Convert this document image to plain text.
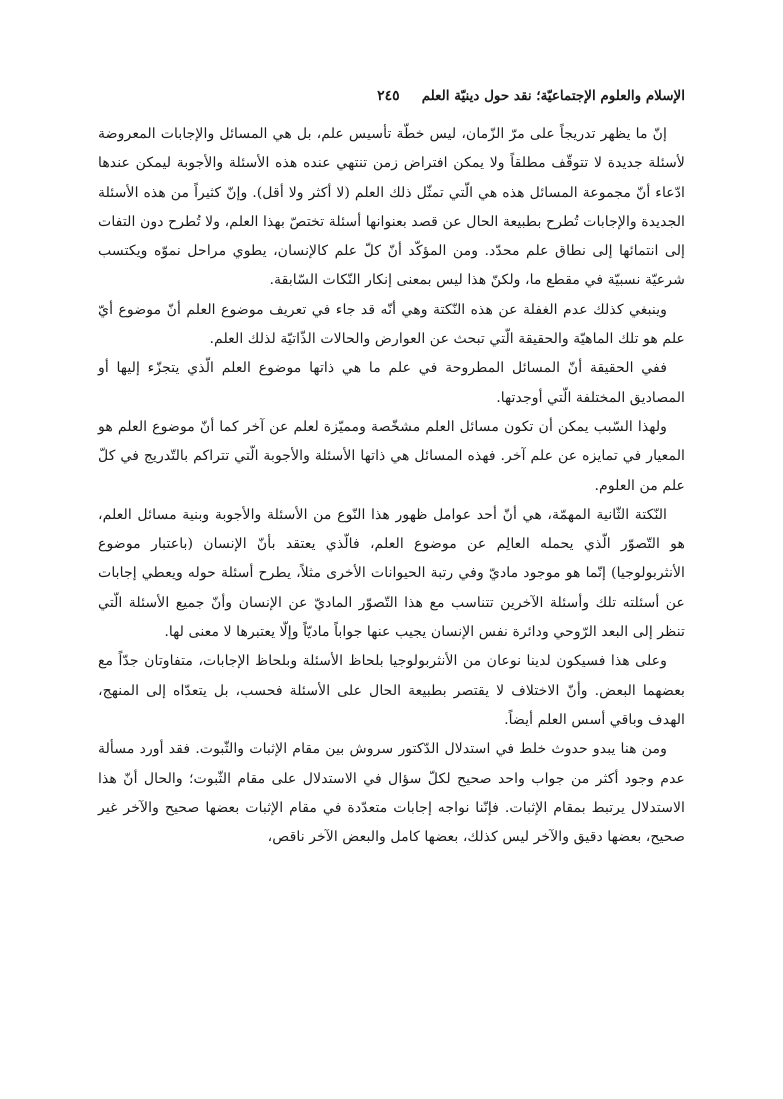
الإسلام والعلوم الإجتماعيّة؛ نقد حول دينيّة العلم
٢٤٥

إنّ ما يظهر تدريجاً على مرّ الزّمان، ليس خطّة تأسيس علم، بل هي المسائل والإجابات المعروضة لأسئلة جديدة لا تتوقّف مطلقاً ولا يمكن افتراض زمن تنتهي عنده هذه الأسئلة والأجوبة ليمكن عندها ادّعاء أنّ مجموعة المسائل هذه هي الّتي تمثّل ذلك العلم (لا أكثر ولا أقل). وإنّ كثيراً من هذه الأسئلة الجديدة والإجابات تُطرح بطبيعة الحال عن قصد بعنوانها أسئلة تختصّ بهذا العلم، ولا تُطرح دون التفات إلى انتمائها إلى نطاق علم محدّد. ومن المؤكّد أنّ كلّ علم كالإنسان، يطوي مراحل نموّه ويكتسب شرعيّة نسبيّة في مقطع ما، ولكنّ هذا ليس بمعنى إنكار النّكات السّابقة.

وينبغي كذلك عدم الغفلة عن هذه النّكتة وهي أنّه قد جاء في تعريف موضوع العلم أنّ موضوع أيّ علم هو تلك الماهيّة والحقيقة الّتي تبحث عن العوارض والحالات الذّاتيّة لذلك العلم.

ففي الحقيقة أنّ المسائل المطروحة في علم ما هي ذاتها موضوع العلم الّذي يتجزّء إليها أو المصاديق المختلفة الّتي أوجدتها.

ولهذا السّبب يمكن أن تكون مسائل العلم مشخّصة ومميّزة لعلم عن آخر كما أنّ موضوع العلم هو المعيار في تمايزه عن علم آخر. فهذه المسائل هي ذاتها الأسئلة والأجوبة الّتي تتراكم بالتّدريج في كلّ علم من العلوم.

النّكتة الثّانية المهمّة، هي أنّ أحد عوامل ظهور هذا النّوع من الأسئلة والأجوبة وبنية مسائل العلم، هو التّصوّر الّذي يحمله العالِم عن موضوع العلم، فالّذي يعتقد بأنّ الإنسان (باعتبار موضوع الأنثربولوجيا) إنّما هو موجود ماديّ وفي رتبة الحيوانات الأخرى مثلاً، يطرح أسئلة حوله ويعطي إجابات عن أسئلته تلك وأسئلة الآخرين تتناسب مع هذا التّصوّر الماديّ عن الإنسان وأنّ جميع الأسئلة الّتي تنظر إلى البعد الرّوحي ودائرة نفس الإنسان يجيب عنها جواباً ماديّاً وإلّا يعتبرها لا معنى لها.

وعلى هذا فسيكون لدينا نوعان من الأنثربولوجيا بلحاظ الأسئلة وبلحاظ الإجابات، متفاوتان جدّاً مع بعضهما البعض. وأنّ الاختلاف لا يقتصر بطبيعة الحال على الأسئلة فحسب، بل يتعدّاه إلى المنهج، الهدف وباقي أسس العلم أيضاً.

ومن هنا يبدو حدوث خلط في استدلال الدّكتور سروش بين مقام الإثبات والثّبوت. فقد أورد مسألة عدم وجود أكثر من جواب واحد صحيح لكلّ سؤال في الاستدلال على مقام الثّبوت؛ والحال أنّ هذا الاستدلال يرتبط بمقام الإثبات. فإنّنا نواجه إجابات متعدّدة في مقام الإثبات بعضها صحيح والآخر غير صحيح، بعضها دقيق والآخر ليس كذلك، بعضها كامل والبعض الآخر ناقص،
